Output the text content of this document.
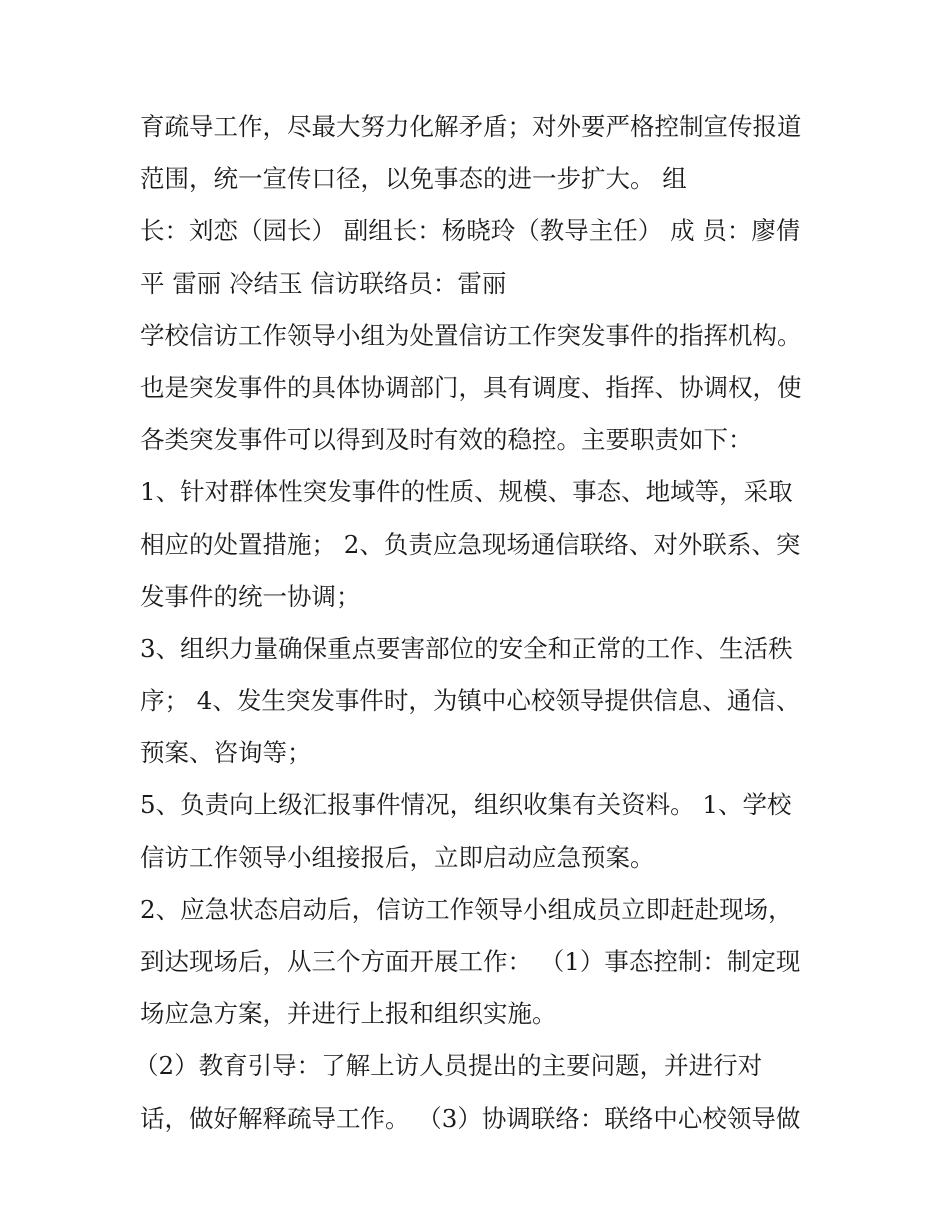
育疏导工作，尽最大努力化解矛盾；对外要严格控制宣传报道
范围，统一宣传口径，以免事态的进一步扩大。 组
长：刘恋（园长） 副组长：杨晓玲（教导主任） 成 员：廖倩
平 雷丽 冷结玉 信访联络员：雷丽
学校信访工作领导小组为处置信访工作突发事件的指挥机构。
也是突发事件的具体协调部门，具有调度、指挥、协调权，使
各类突发事件可以得到及时有效的稳控。主要职责如下：
1、针对群体性突发事件的性质、规模、事态、地域等，采取
相应的处置措施； 2、负责应急现场通信联络、对外联系、突
发事件的统一协调；
3、组织力量确保重点要害部位的安全和正常的工作、生活秩
序； 4、发生突发事件时，为镇中心校领导提供信息、通信、
预案、咨询等；
5、负责向上级汇报事件情况，组织收集有关资料。 1、学校
信访工作领导小组接报后，立即启动应急预案。
2、应急状态启动后，信访工作领导小组成员立即赶赴现场，
到达现场后，从三个方面开展工作： （1）事态控制：制定现
场应急方案，并进行上报和组织实施。
（2）教育引导：了解上访人员提出的主要问题，并进行对
话，做好解释疏导工作。 （3）协调联络：联络中心校领导做
